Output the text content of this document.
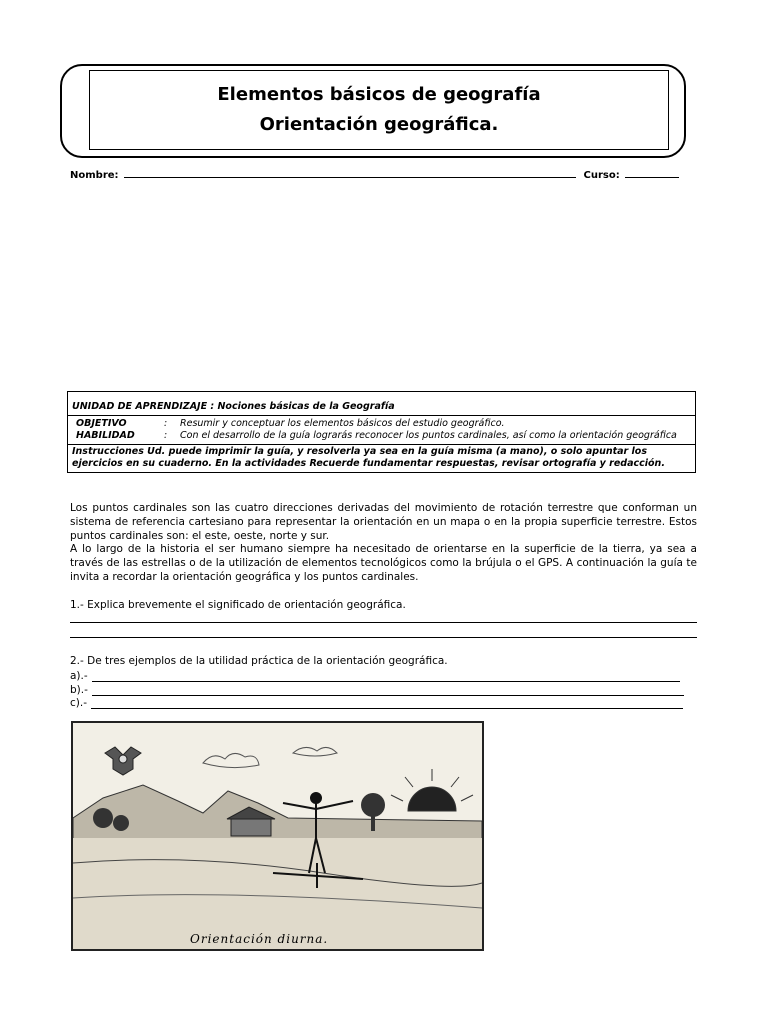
Elementos básicos de geografía
Orientación geográfica.
Nombre:	Curso:
UNIDAD DE APRENDIZAJE : Nociones básicas de la Geografía
OBJETIVO	:	Resumir y conceptuar los elementos básicos del estudio geográfico.
HABILIDAD	:	Con el desarrollo de la guía lograrás reconocer los puntos cardinales, así como la orientación geográfica
Instrucciones Ud. puede imprimir la guía, y resolverla ya sea en la guía misma (a mano), o solo apuntar los ejercicios en su cuaderno. En la actividades Recuerde fundamentar respuestas, revisar ortografía y redacción.

Los puntos cardinales son las cuatro direcciones derivadas del movimiento de rotación terrestre que conforman un sistema de referencia cartesiano para representar la orientación en un mapa o en la propia superficie terrestre. Estos puntos cardinales son: el este, oeste, norte y sur.

A lo largo de la historia el ser humano siempre ha necesitado de orientarse en la superficie de la tierra, ya sea a través de las estrellas o de la utilización de elementos tecnológicos como la brújula o el GPS. A continuación la guía te invita a recordar la orientación geográfica y los puntos cardinales.

1.- Explica brevemente el significado de orientación geográfica.
2.- De tres ejemplos de la utilidad práctica de la orientación geográfica.
a).-
b).-
c).-
Orientación diurna.
